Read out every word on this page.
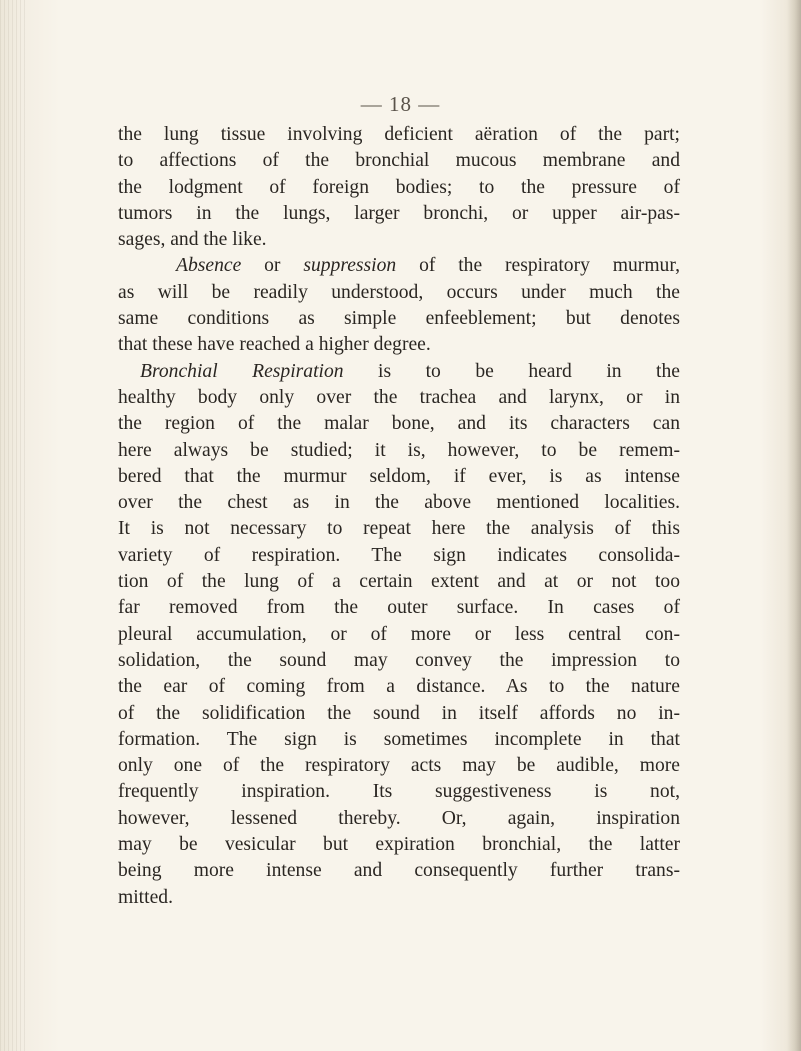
— 18 —

the lung tissue involving deficient aëration of the part;
to affections of the bronchial mucous membrane and
the lodgment of foreign bodies; to the pressure of
tumors in the lungs, larger bronchi, or upper air-pas-
sages, and the like.

Absence or suppression of the respiratory murmur,
as will be readily understood, occurs under much the
same conditions as simple enfeeblement; but denotes
that these have reached a higher degree.

Bronchial Respiration is to be heard in the
healthy body only over the trachea and larynx, or in
the region of the malar bone, and its characters can
here always be studied; it is, however, to be remem-
bered that the murmur seldom, if ever, is as intense
over the chest as in the above mentioned localities.
It is not necessary to repeat here the analysis of this
variety of respiration. The sign indicates consolida-
tion of the lung of a certain extent and at or not too
far removed from the outer surface. In cases of
pleural accumulation, or of more or less central con-
solidation, the sound may convey the impression to
the ear of coming from a distance. As to the nature
of the solidification the sound in itself affords no in-
formation. The sign is sometimes incomplete in that
only one of the respiratory acts may be audible, more
frequently inspiration. Its suggestiveness is not,
however, lessened thereby. Or, again, inspiration
may be vesicular but expiration bronchial, the latter
being more intense and consequently further trans-
mitted.
